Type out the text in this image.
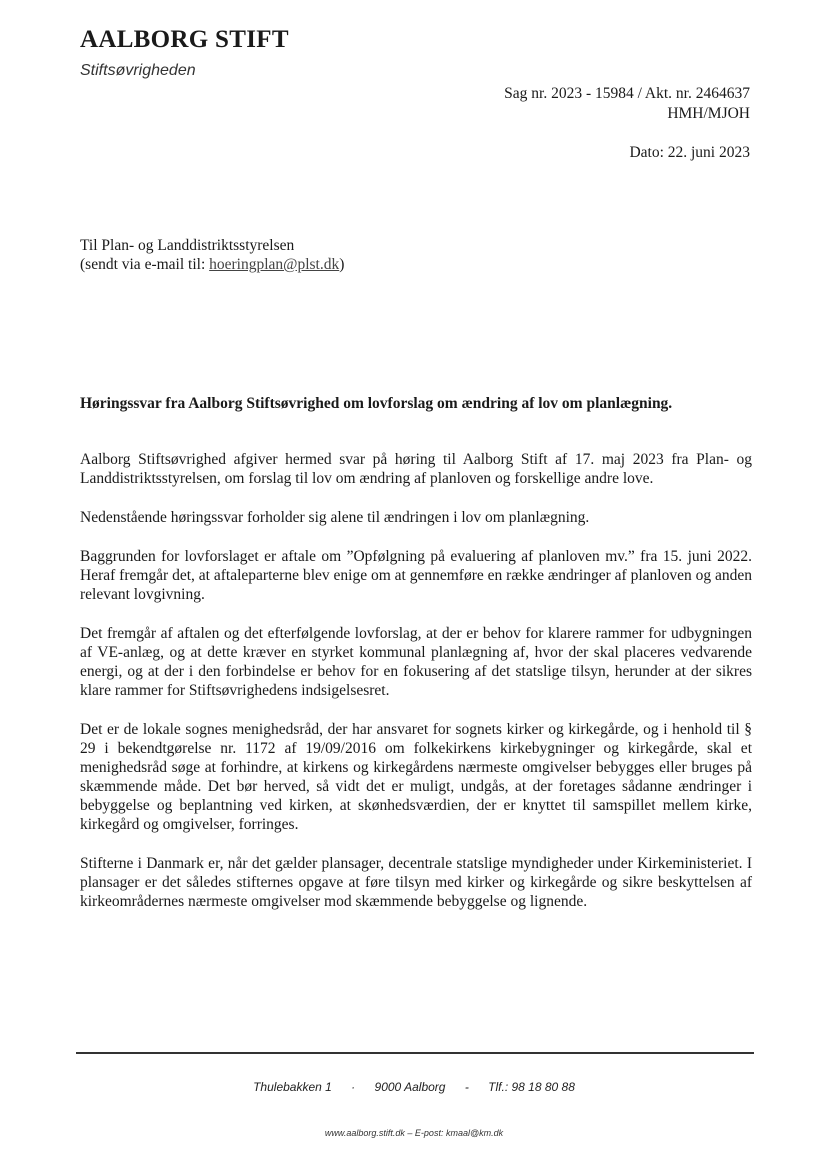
AALBORG STIFT
Stiftsøvrigheden
Sag nr. 2023 - 15984 / Akt. nr. 2464637
HMH/MJOH
Dato: 22. juni 2023
Til Plan- og Landdistriktsstyrelsen
(sendt via e-mail til: hoeringplan@plst.dk)
Høringssvar fra Aalborg Stiftsøvrighed om lovforslag om ændring af lov om planlægning.

Aalborg Stiftsøvrighed afgiver hermed svar på høring til Aalborg Stift af 17. maj 2023 fra Plan- og Landdistriktsstyrelsen, om forslag til lov om ændring af planloven og forskellige andre love.

Nedenstående høringssvar forholder sig alene til ændringen i lov om planlægning.

Baggrunden for lovforslaget er aftale om ”Opfølgning på evaluering af planloven mv.” fra 15. juni 2022. Heraf fremgår det, at aftaleparterne blev enige om at gennemføre en række ændringer af planloven og anden relevant lovgivning.

Det fremgår af aftalen og det efterfølgende lovforslag, at der er behov for klarere rammer for udbygningen af VE-anlæg, og at dette kræver en styrket kommunal planlægning af, hvor der skal placeres vedvarende energi, og at der i den forbindelse er behov for en fokusering af det statslige tilsyn, herunder at der sikres klare rammer for Stiftsøvrighedens indsigelsesret.

Det er de lokale sognes menighedsråd, der har ansvaret for sognets kirker og kirkegårde, og i henhold til § 29 i bekendtgørelse nr. 1172 af 19/09/2016 om folkekirkens kirkebygninger og kirkegårde, skal et menighedsråd søge at forhindre, at kirkens og kirkegårdens nærmeste omgivelser bebygges eller bruges på skæmmende måde. Det bør herved, så vidt det er muligt, undgås, at der foretages sådanne ændringer i bebyggelse og beplantning ved kirken, at skønhedsværdien, der er knyttet til samspillet mellem kirke, kirkegård og omgivelser, forringes.

Stifterne i Danmark er, når det gælder plansager, decentrale statslige myndigheder under Kirkeministeriet. I plansager er det således stifternes opgave at føre tilsyn med kirker og kirkegårde og sikre beskyttelsen af kirkeområdernes nærmeste omgivelser mod skæmmende bebyggelse og lignende.

Thulebakken 1 · 9000 Aalborg - Tlf.: 98 18 80 88
www.aalborg.stift.dk – E-post: kmaal@km.dk
